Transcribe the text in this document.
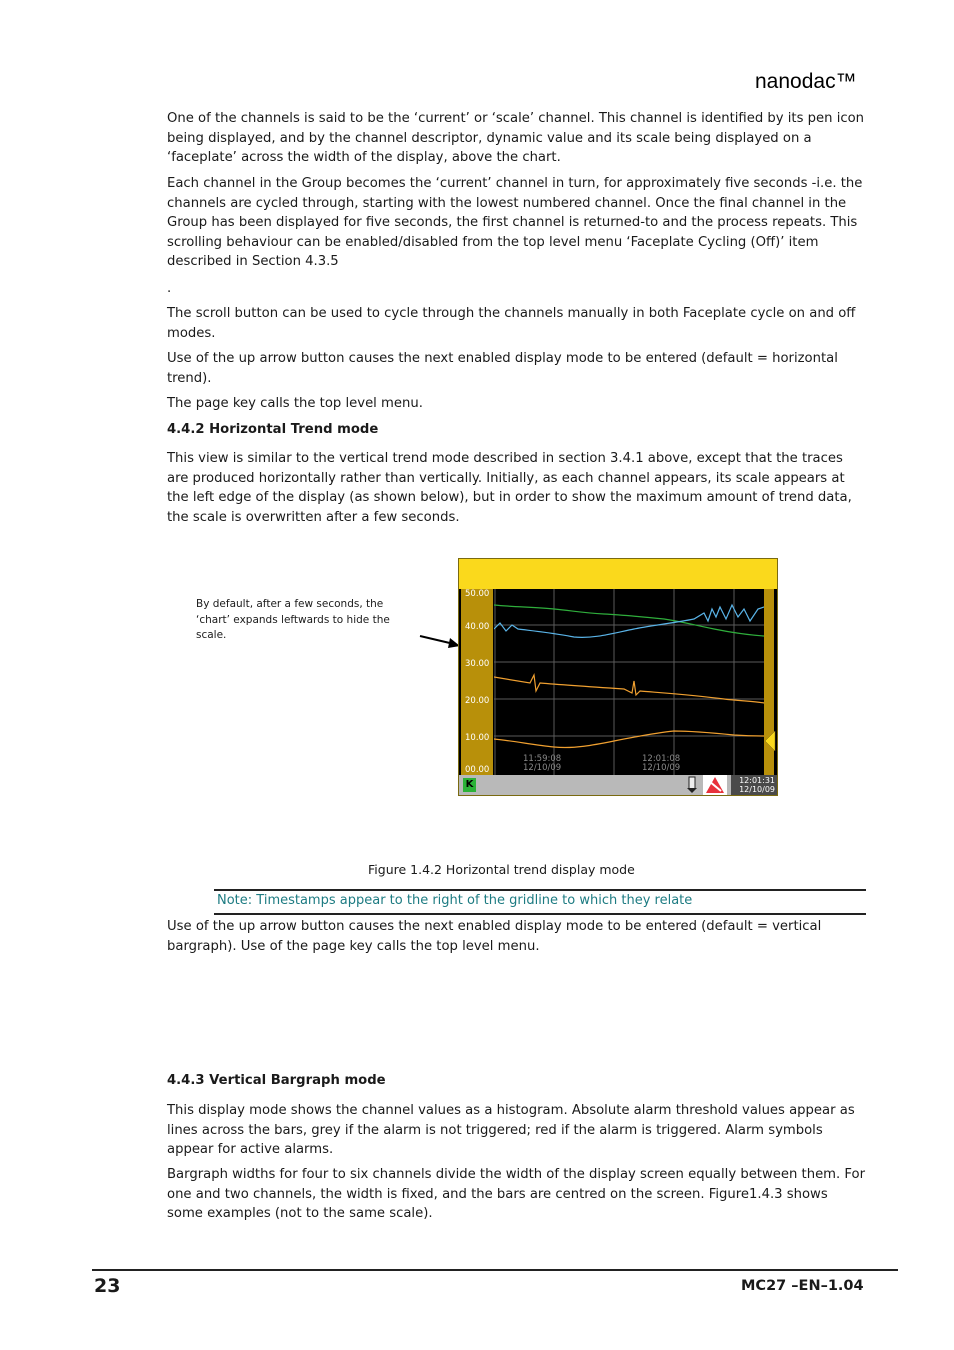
nanodac™

One of the channels is said to be the ‘current’ or ‘scale’ channel. This channel is identified by its pen icon being displayed, and by the channel descriptor, dynamic value and its scale being displayed on a ‘faceplate’ across the width of the display, above the chart.

Each channel in the Group becomes the ‘current’ channel in turn, for approximately five seconds -i.e. the channels are cycled through, starting with the lowest numbered channel. Once the final channel in the Group has been displayed for five seconds, the first channel is returned-to and the process repeats. This scrolling behaviour can be enabled/disabled from the top level menu ‘Faceplate Cycling (Off)’ item described in Section 4.3.5

.

The scroll button can be used to cycle through the channels manually in both Faceplate cycle on and off modes.

Use of the up arrow button causes the next enabled display mode to be entered (default = horizontal trend).

The page key calls the top level menu.

4.4.2 Horizontal Trend mode

This view is similar to the vertical trend mode described in section 3.4.1 above, except that the traces are produced horizontally rather than vertically. Initially, as each channel appears, its scale appears at the left edge of the display (as shown below), but in order to show the maximum amount of trend data, the scale is overwritten after a few seconds.

By default, after a few seconds, the ‘chart’ expands leftwards to hide the scale.
50.00
40.00
30.00
20.00
10.00
00.00
11:59:08
12/10/09
12:01:08
12/10/09
K	12:01:31
12/10/09
Figure 1.4.2 Horizontal trend display mode
Note: Timestamps appear to the right of the gridline to which they relate

Use of the up arrow button causes the next enabled display mode to be entered (default = vertical bargraph). Use of the page key calls the top level menu.

4.4.3 Vertical Bargraph mode

This display mode shows the channel values as a histogram. Absolute alarm threshold values appear as lines across the bars, grey if the alarm is not triggered; red if the alarm is triggered. Alarm symbols appear for active alarms.

Bargraph widths for four to six channels divide the width of the display screen equally between them. For one and two channels, the width is fixed, and the bars are centred on the screen. Figure1.4.3 shows some examples (not to the same scale).

23	MC27 –EN–1.04
